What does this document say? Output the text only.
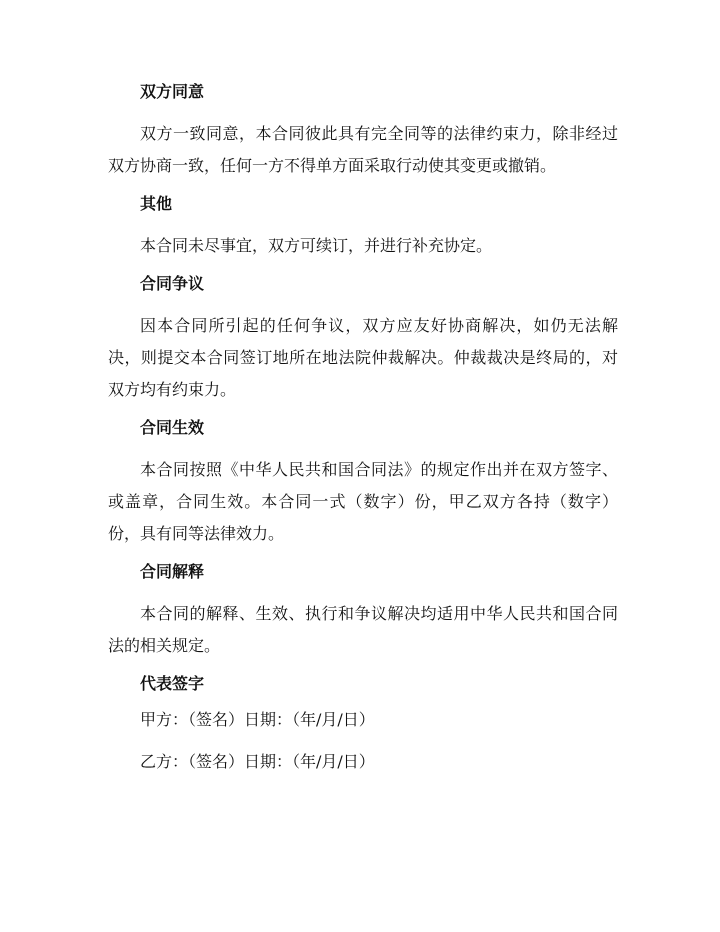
双方同意

双方一致同意，本合同彼此具有完全同等的法律约束力，除非经过双方协商一致，任何一方不得单方面采取行动使其变更或撤销。

其他

本合同未尽事宜，双方可续订，并进行补充协定。

合同争议

因本合同所引起的任何争议，双方应友好协商解决，如仍无法解决，则提交本合同签订地所在地法院仲裁解决。仲裁裁决是终局的，对双方均有约束力。

合同生效

本合同按照《中华人民共和国合同法》的规定作出并在双方签字、或盖章，合同生效。本合同一式（数字）份，甲乙双方各持（数字）份，具有同等法律效力。

合同解释

本合同的解释、生效、执行和争议解决均适用中华人民共和国合同法的相关规定。

代表签字
甲方：（签名）日期：（年/月/日）
乙方：（签名）日期：（年/月/日）
